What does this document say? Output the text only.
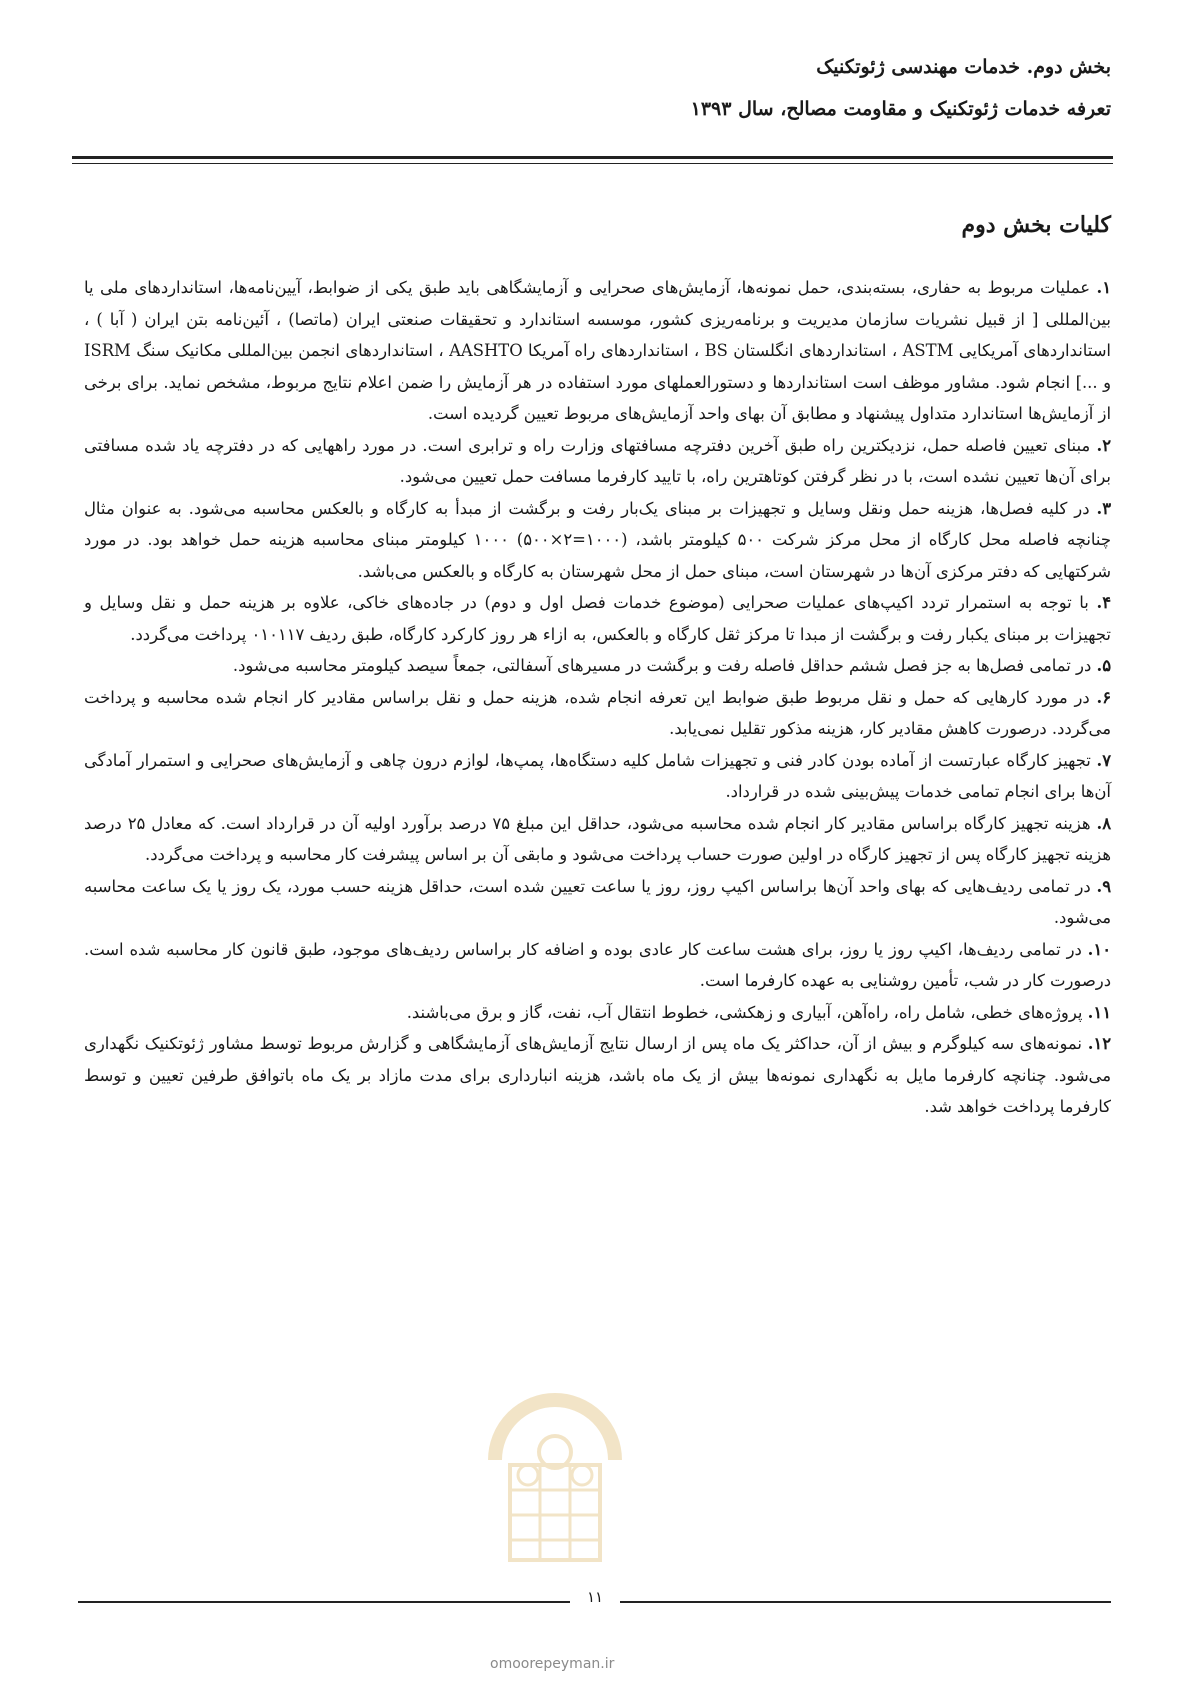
بخش دوم. خدمات مهندسی ژئوتکنیک
تعرفه خدمات ژئوتکنیک و مقاومت مصالح، سال ۱۳۹۳
کلیات بخش دوم

۱. عملیات مربوط به حفاری، بسته‌بندی، حمل نمونه‌ها، آزمایش‌های صحرایی و آزمایشگاهی باید طبق یکی از ضوابط، آیین‌نامه‌ها، استانداردهای ملی یا بین‌المللی [ از قبیل نشریات سازمان مدیریت و برنامه‌ریزی کشور، موسسه استاندارد و تحقیقات صنعتی ایران (ماتصا) ، آئین‌نامه بتن ایران ( آبا ) ، استانداردهای آمریکایی ASTM ، استانداردهای انگلستان BS ، استانداردهای راه آمریکا AASHTO ، استانداردهای انجمن بین‌المللی مکانیک سنگ ISRM و ...] انجام شود. مشاور موظف است استانداردها و دستورالعملهای مورد استفاده در هر آزمایش را ضمن اعلام نتایج مربوط، مشخص نماید. برای برخی از آزمایش‌ها استاندارد متداول پیشنهاد و مطابق آن بهای واحد آزمایش‌های مربوط تعیین گردیده است.

۲. مبنای تعیین فاصله حمل، نزدیکترین راه طبق آخرین دفترچه مسافتهای وزارت راه و ترابری است. در مورد راههایی که در دفترچه یاد شده مسافتی برای آن‌ها تعیین نشده است، با در نظر گرفتن کوتاهترین راه، با تایید کارفرما مسافت حمل تعیین می‌شود.

۳. در کلیه فصل‌ها، هزینه حمل ونقل وسایل و تجهیزات بر مبنای یک‌بار رفت و برگشت از مبدأ به کارگاه و بالعکس محاسبه می‌شود. به عنوان مثال چنانچه فاصله محل کارگاه از محل مرکز شرکت ۵۰۰ کیلومتر باشد، (۱۰۰۰=۲×۵۰۰) ۱۰۰۰ کیلومتر مبنای محاسبه هزینه حمل خواهد بود. در مورد شرکتهایی که دفتر مرکزی آن‌ها در شهرستان است، مبنای حمل از محل شهرستان به کارگاه و بالعکس می‌باشد.

۴. با توجه به استمرار تردد اکیپ‌های عملیات صحرایی (موضوع خدمات فصل اول و دوم) در جاده‌های خاکی، علاوه بر هزینه حمل و نقل وسایل و تجهیزات بر مبنای یکبار رفت و برگشت از مبدا تا مرکز ثقل کارگاه و بالعکس، به ازاء هر روز کارکرد کارگاه، طبق ردیف ۰۱۰۱۱۷ پرداخت می‌گردد.

۵. در تمامی فصل‌ها به جز فصل ششم حداقل فاصله رفت و برگشت در مسیرهای آسفالتی، جمعاً سیصد کیلومتر محاسبه می‌شود.

۶. در مورد کارهایی که حمل و نقل مربوط طبق ضوابط این تعرفه انجام شده، هزینه حمل و نقل براساس مقادیر کار انجام شده محاسبه و پرداخت می‌گردد. درصورت کاهش مقادیر کار، هزینه مذکور تقلیل نمی‌یابد.

۷. تجهیز کارگاه عبارتست از آماده بودن کادر فنی و تجهیزات شامل کلیه دستگاه‌ها، پمپ‌ها، لوازم درون چاهی و آزمایش‌های صحرایی و استمرار آمادگی آن‌ها برای انجام تمامی خدمات پیش‌بینی شده در قرارداد.

۸. هزینه تجهیز کارگاه براساس مقادیر کار انجام شده محاسبه می‌شود، حداقل این مبلغ ۷۵ درصد برآورد اولیه آن در قرارداد است. که معادل ۲۵ درصد هزینه تجهیز کارگاه پس از تجهیز کارگاه در اولین صورت حساب پرداخت می‌شود و مابقی آن بر اساس پیشرفت کار محاسبه و پرداخت می‌گردد.

۹. در تمامی ردیف‌هایی که بهای واحد آن‌ها براساس اکیپ روز، روز یا ساعت تعیین شده است، حداقل هزینه حسب مورد، یک روز یا یک ساعت محاسبه می‌شود.

۱۰. در تمامی ردیف‌ها، اکیپ روز یا روز، برای هشت ساعت کار عادی بوده و اضافه کار براساس ردیف‌های موجود، طبق قانون کار محاسبه شده است. درصورت کار در شب، تأمین روشنایی به عهده کارفرما است.

۱۱. پروژه‌های خطی، شامل راه، راه‌آهن، آبیاری و زهکشی، خطوط انتقال آب، نفت، گاز و برق می‌باشند.

۱۲. نمونه‌های سه کیلوگرم و بیش از آن، حداکثر یک ماه پس از ارسال نتایج آزمایش‌های آزمایشگاهی و گزارش مربوط توسط مشاور ژئوتکنیک نگهداری می‌شود. چنانچه کارفرما مایل به نگهداری نمونه‌ها بیش از یک ماه باشد، هزینه انبارداری برای مدت مازاد بر یک ماه باتوافق طرفین تعیین و توسط کارفرما پرداخت خواهد شد.

۱۱
omoorepeyman.ir
